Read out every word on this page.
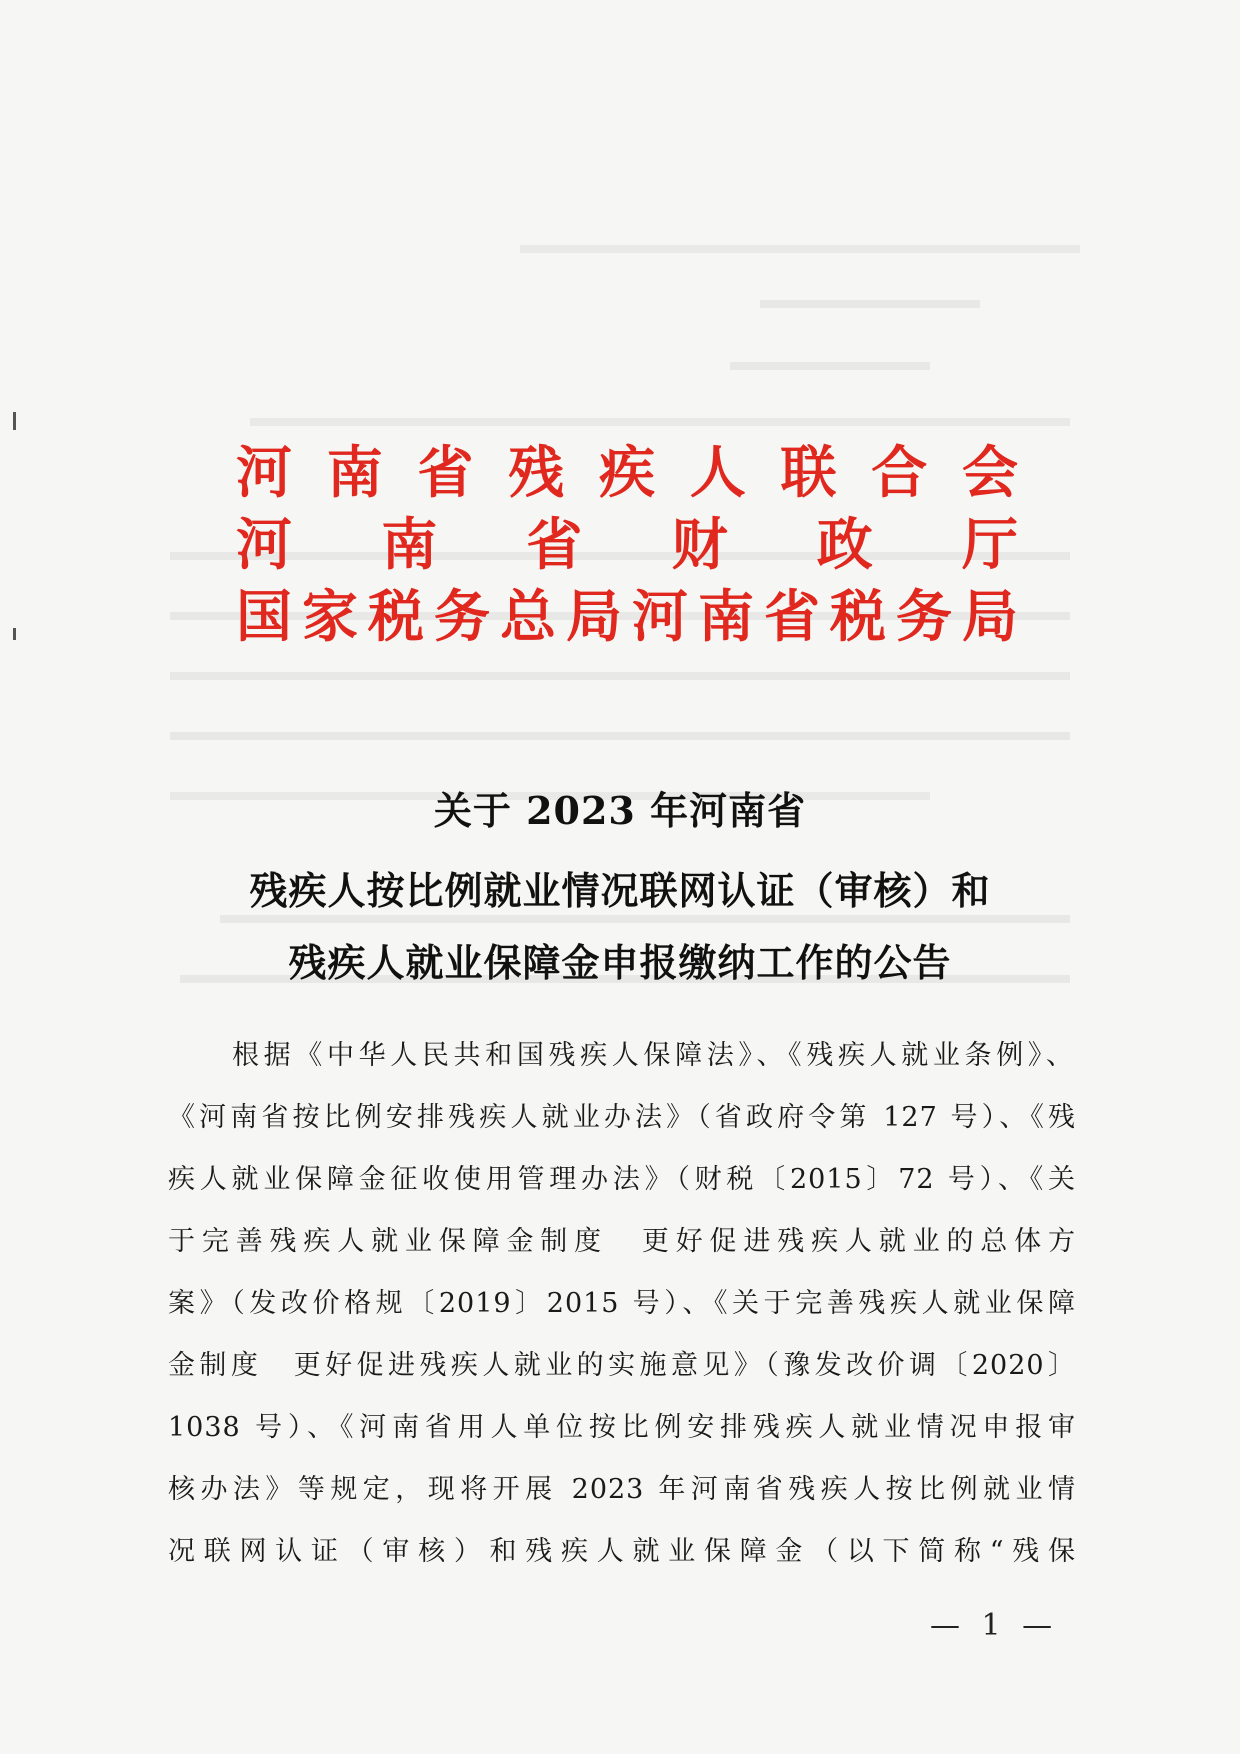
河 南 省 残 疾 人 联 合 会
河 南 省 财 政 厅
国 家 税 务 总 局 河 南 省 税 务 局
关于 2023 年河南省
残疾人按比例就业情况联网认证（审核）和
残疾人就业保障金申报缴纳工作的公告
根据《中华人民共和国残疾人保障法》、《残疾人就业条例》、
《河南省按比例安排残疾人就业办法》（省政府令第 127 号）、《残
疾人就业保障金征收使用管理办法》（财税〔2015〕72 号）、《关
于完善残疾人就业保障金制度　更好促进残疾人就业的总体方
案》（发改价格规〔2019〕2015 号）、《关于完善残疾人就业保障
金制度　更好促进残疾人就业的实施意见》（豫发改价调〔2020〕
1038 号）、《河南省用人单位按比例安排残疾人就业情况申报审
核办法》等规定，现将开展 2023 年河南省残疾人按比例就业情
况联网认证（审核）和残疾人就业保障金（以下简称“残保
— 1 —
